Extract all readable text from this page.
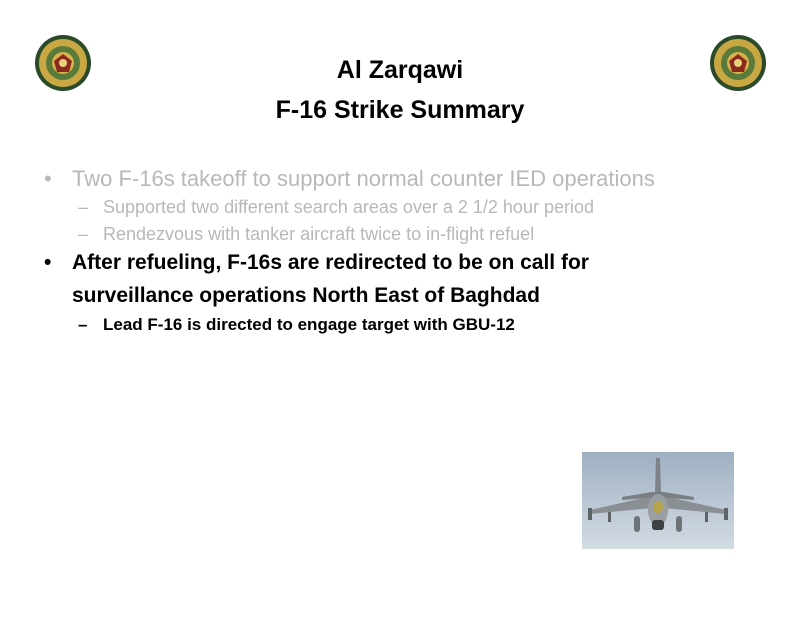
Al Zarqawi
F-16 Strike Summary
• Two F-16s takeoff to support normal counter IED operations
– Supported two different search areas over a 2 1/2 hour period
– Rendezvous with tanker aircraft twice to in-flight refuel
• After refueling, F-16s are redirected to be on call for
surveillance operations North East of Baghdad
– Lead F-16 is directed to engage target with GBU-12
